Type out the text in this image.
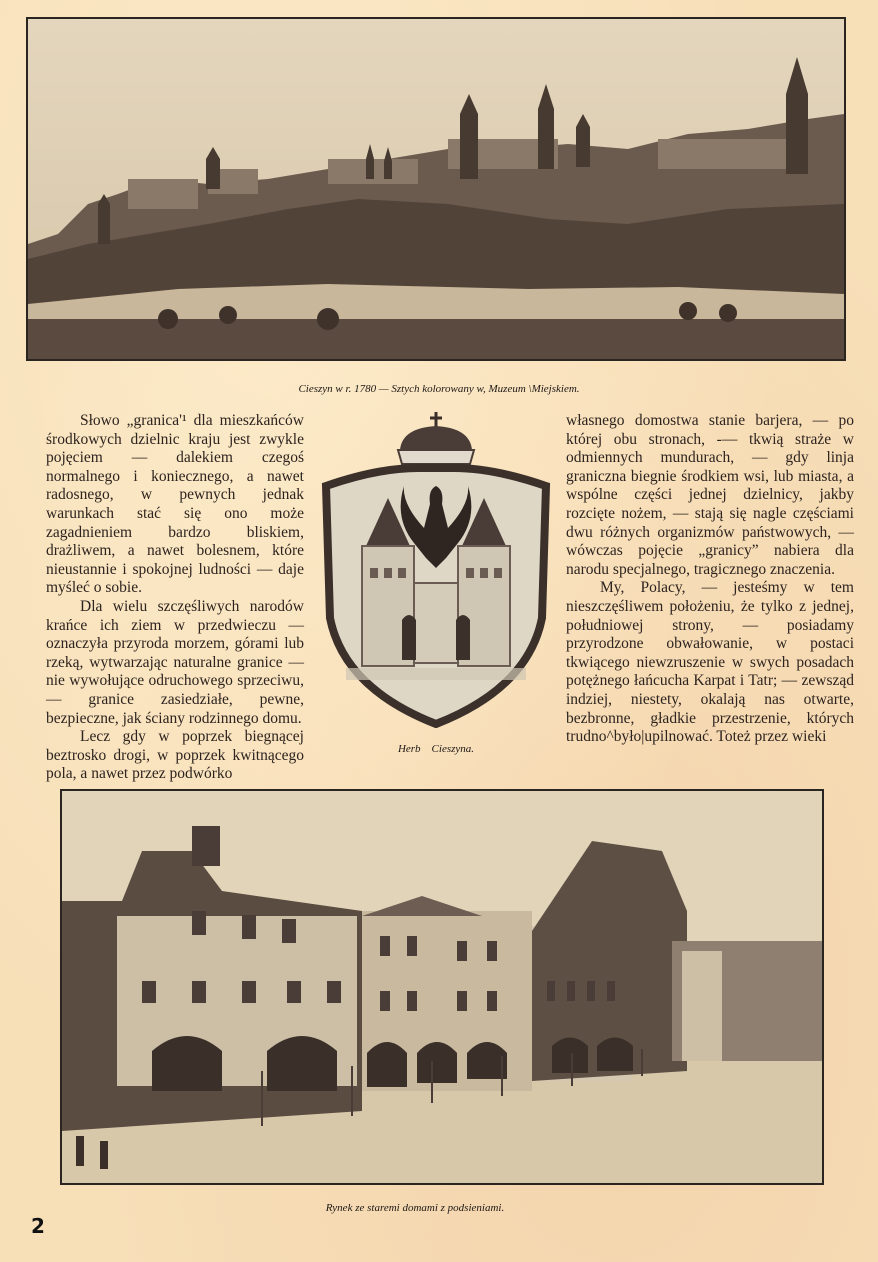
Cieszyn w r. 1780 — Sztych kolorowany w, Muzeum \Miejskiem.

Słowo „granica'¹ dla mieszkańców środkowych dzielnic kraju jest zwykle pojęciem — dalekiem czegoś normalnego i koniecznego, a nawet radosnego, w pewnych jednak warunkach stać się ono może zagadnieniem bardzo bliskiem, drażliwem, a nawet bolesnem, które nieustannie i spokojnej ludności — daje myśleć o sobie.

Dla wielu szczęśliwych narodów krańce ich ziem w przedwieczu — oznaczyła przyroda morzem, górami lub rzeką, wytwarzając naturalne granice — nie wywołujące odruchowego sprzeciwu, — granice zasiedziałe, pewne, bezpieczne, jak ściany rodzinnego domu.

Lecz gdy w poprzek biegnącej beztrosko drogi, w poprzek kwitnącego pola, a nawet przez podwórko

Herb    Cieszyna.

własnego domostwa stanie barjera, — po której obu stronach, -— tkwią straże w odmiennych mundurach, — gdy linja graniczna biegnie środkiem wsi, lub miasta, a wspólne części jednej dzielnicy, jakby rozcięte nożem, — stają się nagle częściami dwu różnych organizmów państwowych, — wówczas pojęcie „granicy” nabiera dla narodu specjalnego, tragicznego znaczenia.

My, Polacy, — jesteśmy w tem nieszczęśliwem położeniu, że tylko z jednej, południowej strony, — posiadamy przyrodzone obwałowanie, w postaci tkwiącego niewzruszenie w swych posadach potężnego łańcucha Karpat i Tatr; — zewsząd indziej, niestety, okalają nas otwarte, bezbronne, gładkie przestrzenie, których trudno^było|upilnować. Toteż przez wieki

Rynek ze staremi domami z podsieniami.
2
